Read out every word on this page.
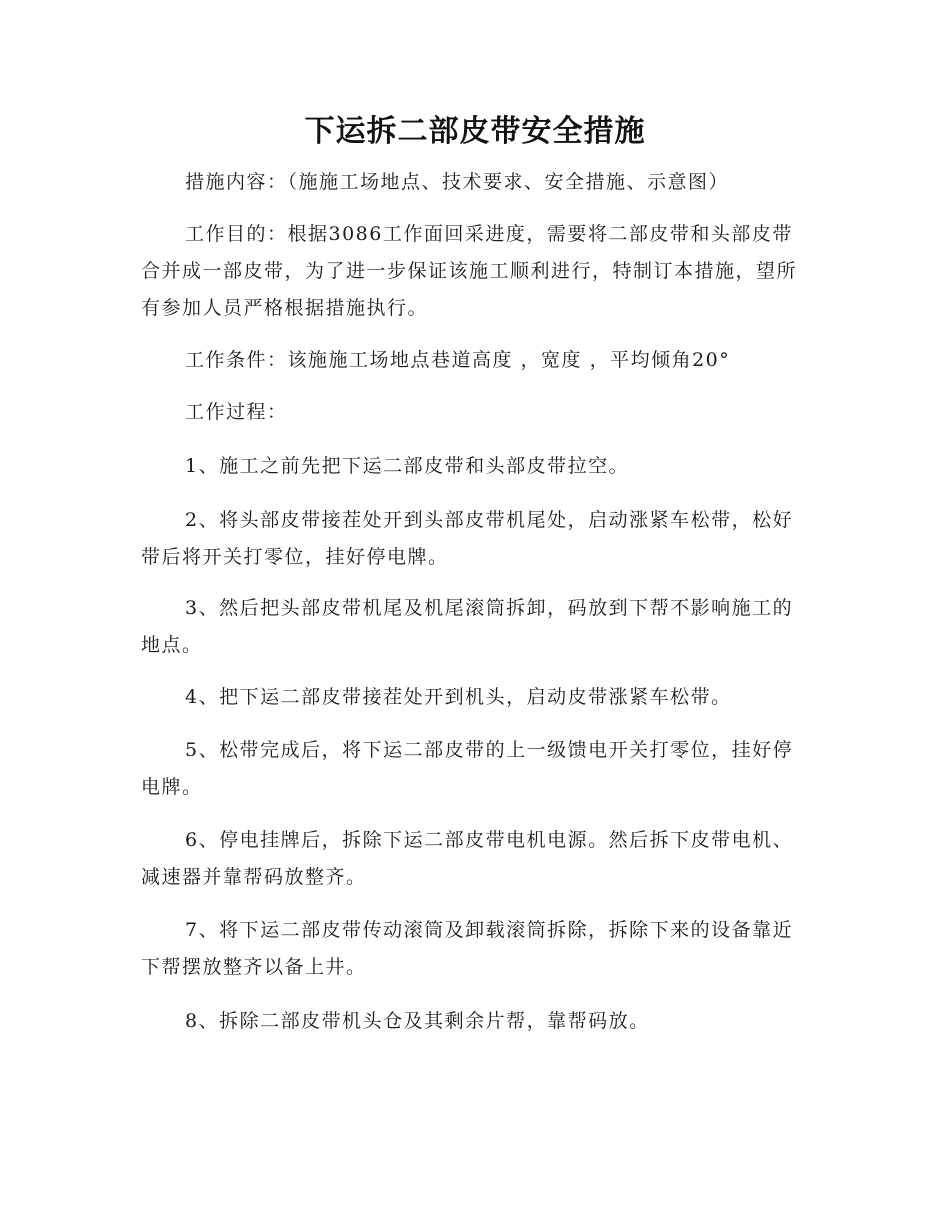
下运拆二部皮带安全措施

措施内容：（施施工场地点、技术要求、安全措施、示意图）

工作目的：根据3086工作面回采进度，需要将二部皮带和头部皮带合并成一部皮带，为了进一步保证该施工顺利进行，特制订本措施，望所有参加人员严格根据措施执行。

工作条件：该施施工场地点巷道高度 ，宽度 ，平均倾角20°

工作过程：

1、施工之前先把下运二部皮带和头部皮带拉空。

2、将头部皮带接茬处开到头部皮带机尾处，启动涨紧车松带，松好带后将开关打零位，挂好停电牌。

3、然后把头部皮带机尾及机尾滚筒拆卸，码放到下帮不影响施工的地点。

4、把下运二部皮带接茬处开到机头，启动皮带涨紧车松带。

5、松带完成后，将下运二部皮带的上一级馈电开关打零位，挂好停电牌。

6、停电挂牌后，拆除下运二部皮带电机电源。然后拆下皮带电机、减速器并靠帮码放整齐。

7、将下运二部皮带传动滚筒及卸载滚筒拆除，拆除下来的设备靠近下帮摆放整齐以备上井。

8、拆除二部皮带机头仓及其剩余片帮，靠帮码放。
